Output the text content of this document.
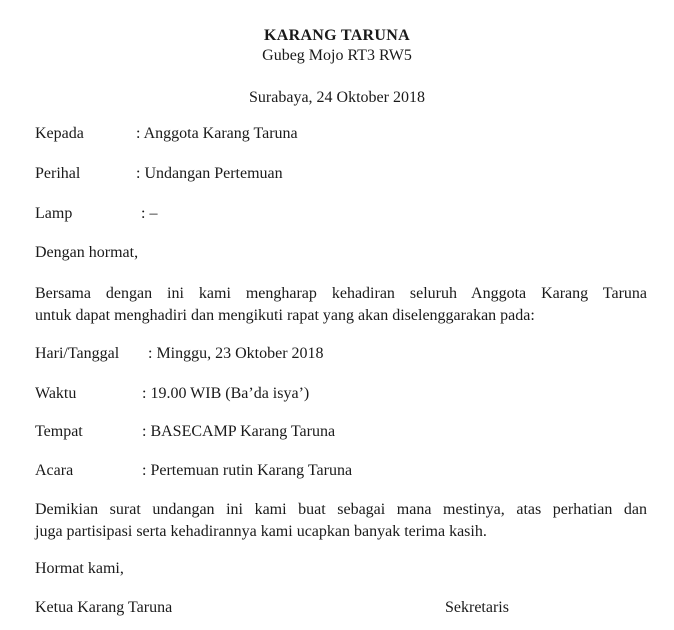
KARANG TARUNA
Gubeg Mojo RT3 RW5
Surabaya, 24 Oktober 2018
Kepada	: Anggota Karang Taruna
Perihal	: Undangan Pertemuan
Lamp	: –
Dengan hormat,
Bersama dengan ini kami mengharap kehadiran seluruh Anggota Karang Taruna
untuk dapat menghadiri dan mengikuti rapat yang akan diselenggarakan pada:
Hari/Tanggal : Minggu, 23 Oktober 2018
Waktu	: 19.00 WIB (Ba’da isya’)
Tempat	: BASECAMP Karang Taruna
Acara	: Pertemuan rutin Karang Taruna
Demikian surat undangan ini kami buat sebagai mana mestinya, atas perhatian dan
juga partisipasi serta kehadirannya kami ucapkan banyak terima kasih.
Hormat kami,
Ketua Karang Taruna	Sekretaris
